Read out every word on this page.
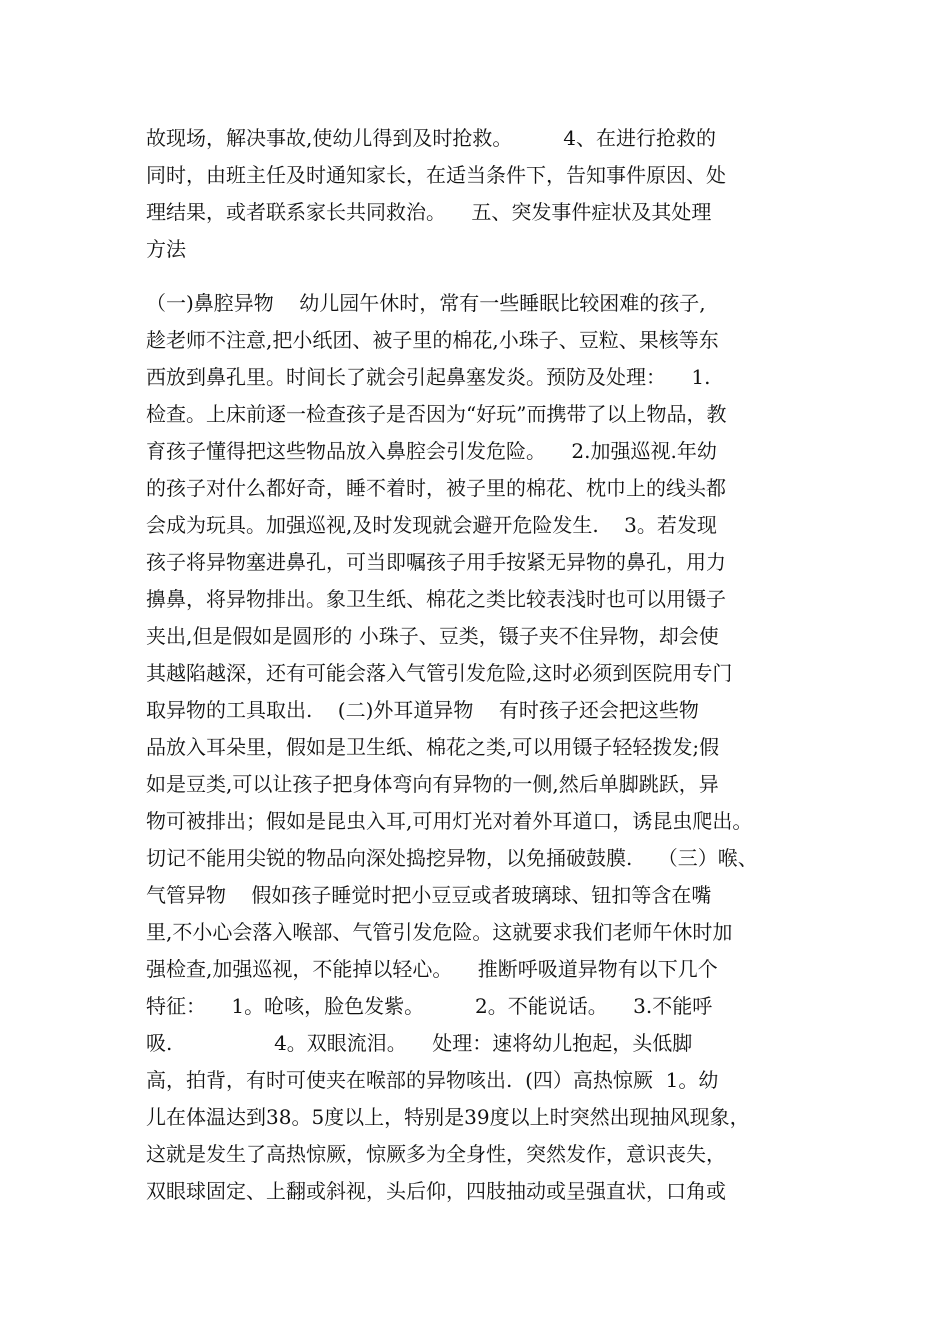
故现场，解决事故,使幼儿得到及时抢救。        4、在进行抢救的

同时，由班主任及时通知家长，在适当条件下，告知事件原因、处

理结果，或者联系家长共同救治。    五、突发事件症状及其处理

方法

（一)鼻腔异物    幼儿园午休时，常有一些睡眠比较困难的孩子,

趁老师不注意,把小纸团、被子里的棉花,小珠子、豆粒、果核等东

西放到鼻孔里。时间长了就会引起鼻塞发炎。预防及处理：    1.

检查。上床前逐一检查孩子是否因为“好玩”而携带了以上物品，教

育孩子懂得把这些物品放入鼻腔会引发危险。    2.加强巡视.年幼

的孩子对什么都好奇，睡不着时，被子里的棉花、枕巾上的线头都

会成为玩具。加强巡视,及时发现就会避开危险发生.    3。若发现

孩子将异物塞进鼻孔，可当即嘱孩子用手按紧无异物的鼻孔，用力

擤鼻，将异物排出。象卫生纸、棉花之类比较表浅时也可以用镊子

夹出,但是假如是圆形的 小珠子、豆类，镊子夹不住异物，却会使

其越陷越深，还有可能会落入气管引发危险,这时必须到医院用专门

取异物的工具取出.    (二)外耳道异物    有时孩子还会把这些物

品放入耳朵里，假如是卫生纸、棉花之类,可以用镊子轻轻拨发;假

如是豆类,可以让孩子把身体弯向有异物的一侧,然后单脚跳跃，异

物可被排出；假如是昆虫入耳,可用灯光对着外耳道口，诱昆虫爬出。

切记不能用尖锐的物品向深处捣挖异物，以免捅破鼓膜.    （三）喉、

气管异物    假如孩子睡觉时把小豆豆或者玻璃球、钮扣等含在嘴

里,不小心会落入喉部、气管引发危险。这就要求我们老师午休时加

强检查,加强巡视，不能掉以轻心。    推断呼吸道异物有以下几个

特征：    1。呛咳，脸色发紫。        2。不能说话。    3.不能呼

吸.                4。双眼流泪。    处理：速将幼儿抱起，头低脚

高，拍背，有时可使夹在喉部的异物咳出.  (四）高热惊厥  1。幼

儿在体温达到38。5度以上，特别是39度以上时突然出现抽风现象，

这就是发生了高热惊厥，惊厥多为全身性，突然发作，意识丧失，

双眼球固定、上翻或斜视，头后仰，四肢抽动或呈强直状，口角或
